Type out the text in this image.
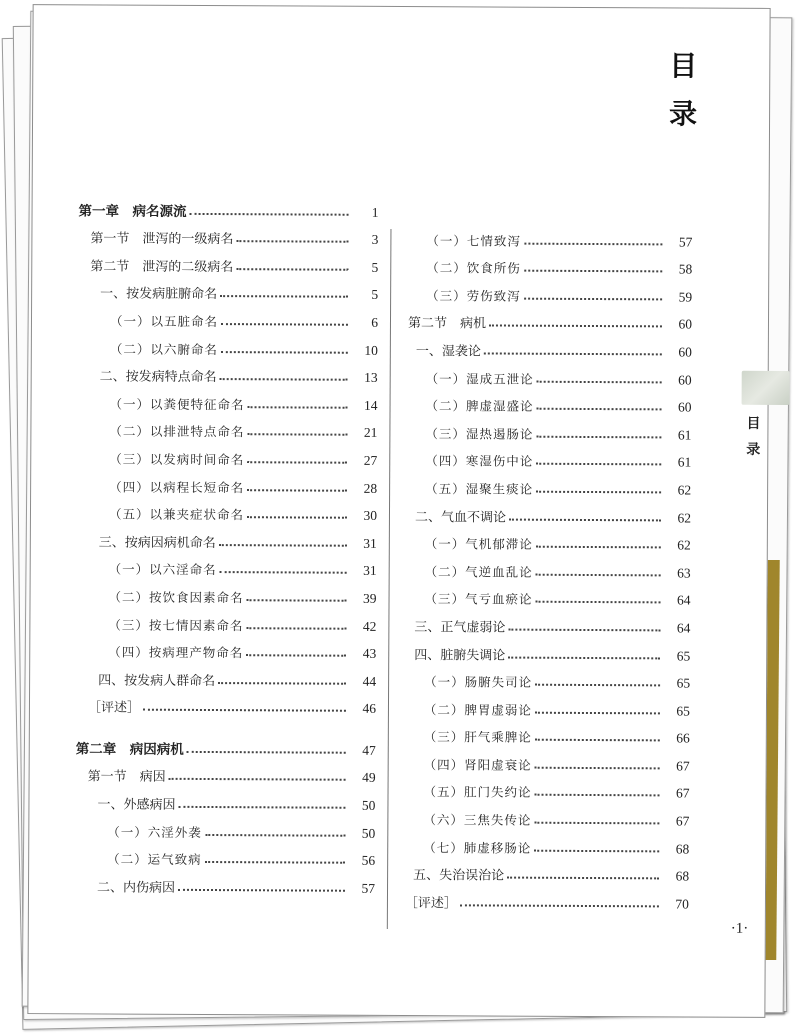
目
录
第一章　病名源流	1
第一节　泄泻的一级病名	3
第二节　泄泻的二级病名	5
一、按发病脏腑命名	5
（一）以五脏命名	6
（二）以六腑命名	10
二、按发病特点命名	13
（一）以粪便特征命名	14
（二）以排泄特点命名	21
（三）以发病时间命名	27
（四）以病程长短命名	28
（五）以兼夹症状命名	30
三、按病因病机命名	31
（一）以六淫命名	31
（二）按饮食因素命名	39
（三）按七情因素命名	42
（四）按病理产物命名	43
四、按发病人群命名	44
［评述］	46
第二章　病因病机	47
第一节　病因	49
一、外感病因	50
（一）六淫外袭	50
（二）运气致病	56
二、内伤病因	57
（一）七情致泻	57
（二）饮食所伤	58
（三）劳伤致泻	59
第二节　病机	60
一、湿袭论	60
（一）湿成五泄论	60
（二）脾虚湿盛论	60
（三）湿热遏肠论	61
（四）寒湿伤中论	61
（五）湿聚生痰论	62
二、气血不调论	62
（一）气机郁滞论	62
（二）气逆血乱论	63
（三）气亏血瘀论	64
三、正气虚弱论	64
四、脏腑失调论	65
（一）肠腑失司论	65
（二）脾胃虚弱论	65
（三）肝气乘脾论	66
（四）肾阳虚衰论	67
（五）肛门失约论	67
（六）三焦失传论	67
（七）肺虚移肠论	68
五、失治误治论	68
［评述］	70
目
录
·1·
